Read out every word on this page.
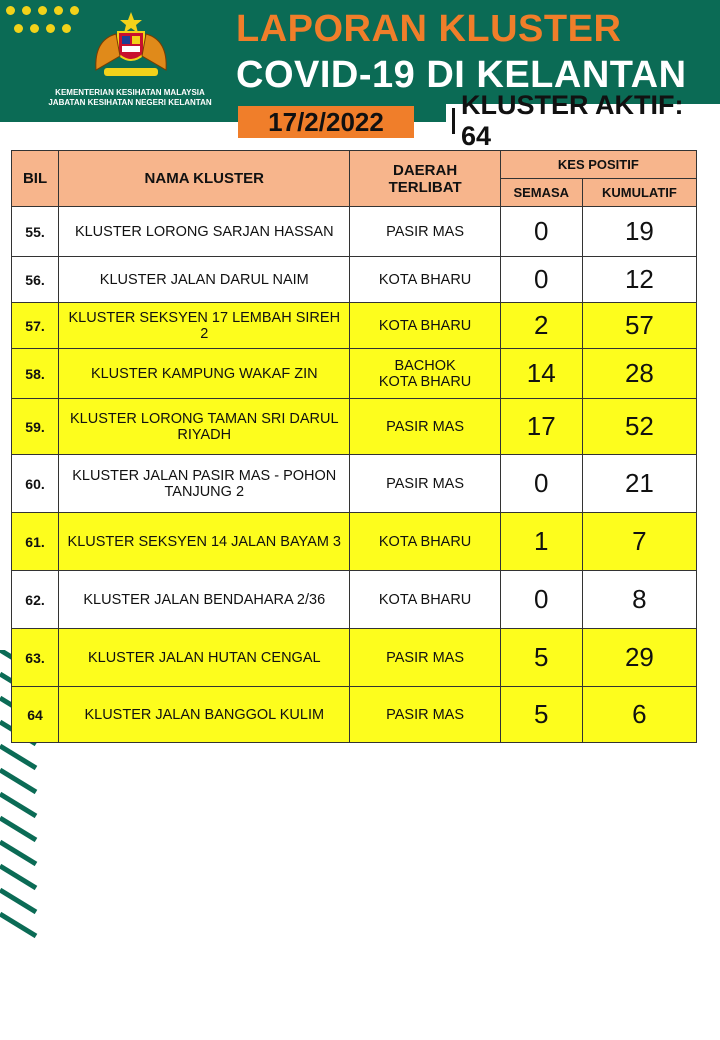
KEMENTERIAN KESIHATAN MALAYSIA
JABATAN KESIHATAN NEGERI KELANTAN
LAPORAN KLUSTER
COVID-19 DI KELANTAN
17/2/2022
KLUSTER AKTIF: 64
BIL	NAMA KLUSTER	DAERAH
TERLIBAT	KES POSITIF	
			SEMASA	KUMULATIF
55.	KLUSTER LORONG SARJAN HASSAN	PASIR MAS	0	19
56.	KLUSTER JALAN DARUL NAIM	KOTA BHARU	0	12
57.	KLUSTER SEKSYEN 17 LEMBAH SIREH 2	KOTA BHARU	2	57
58.	KLUSTER KAMPUNG WAKAF ZIN	BACHOK
KOTA BHARU	14	28
59.	KLUSTER LORONG TAMAN SRI DARUL
RIYADH	PASIR MAS	17	52
60.	KLUSTER JALAN PASIR MAS - POHON
TANJUNG 2	PASIR MAS	0	21
61.	KLUSTER SEKSYEN 14 JALAN BAYAM 3	KOTA BHARU	1	7
62.	KLUSTER JALAN BENDAHARA 2/36	KOTA BHARU	0	8
63.	KLUSTER JALAN HUTAN CENGAL	PASIR MAS	5	29
64	KLUSTER JALAN BANGGOL KULIM	PASIR MAS	5	6
